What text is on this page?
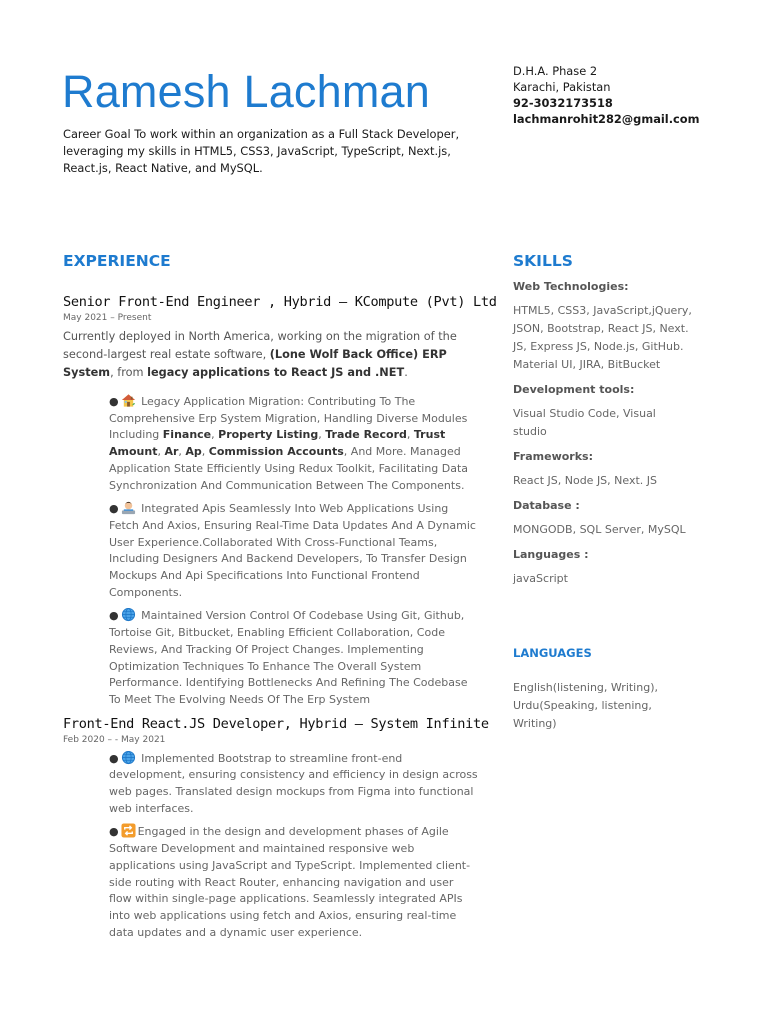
Ramesh Lachman
Career Goal To work within an organization as a Full Stack Developer, leveraging my skills in HTML5, CSS3, JavaScript, TypeScript, Next.js, React.js, React Native, and MySQL.
D.H.A. Phase 2
Karachi, Pakistan
92-3032173518
lachmanrohit282@gmail.com
EXPERIENCE	SKILLS

Senior Front-End Engineer , Hybrid — KCompute (Pvt) Ltd

May 2021 – Present

Currently deployed in North America, working on the migration of the second-largest real estate software, (Lone Wolf Back Office) ERP System, from legacy applications to React JS and .NET.

● Legacy Application Migration: Contributing To The Comprehensive Erp System Migration, Handling Diverse Modules Including Finance, Property Listing, Trade Record, Trust Amount, Ar, Ap, Commission Accounts, And More. Managed Application State Efficiently Using Redux Toolkit, Facilitating Data Synchronization And Communication Between The Components.

● Integrated Apis Seamlessly Into Web Applications Using Fetch And Axios, Ensuring Real-Time Data Updates And A Dynamic User Experience.Collaborated With Cross-Functional Teams, Including Designers And Backend Developers, To Transfer Design Mockups And Api Specifications Into Functional Frontend Components.

● Maintained Version Control Of Codebase Using Git, Github, Tortoise Git, Bitbucket, Enabling Efficient Collaboration, Code Reviews, And Tracking Of Project Changes. Implementing Optimization Techniques To Enhance The Overall System Performance. Identifying Bottlenecks And Refining The Codebase To Meet The Evolving Needs Of The Erp System

Front-End React.JS Developer, Hybrid — System Infinite

Feb 2020 – - May 2021

● Implemented Bootstrap to streamline front-end development, ensuring consistency and efficiency in design across web pages. Translated design mockups from Figma into functional web interfaces.

● Engaged in the design and development phases of Agile Software Development and maintained responsive web applications using JavaScript and TypeScript. Implemented client-side routing with React Router, enhancing navigation and user flow within single-page applications. Seamlessly integrated APIs into web applications using fetch and Axios, ensuring real-time data updates and a dynamic user experience.

Web Technologies:

HTML5, CSS3, JavaScript,jQuery, JSON, Bootstrap, React JS, Next. JS, Express JS, Node.js, GitHub. Material UI, JIRA, BitBucket

Development tools:

Visual Studio Code, Visual studio

Frameworks:

React JS, Node JS, Next. JS

Database :

MONGODB, SQL Server, MySQL

Languages :

javaScript

LANGUAGES
English(listening, Writing), Urdu(Speaking, listening, Writing)
